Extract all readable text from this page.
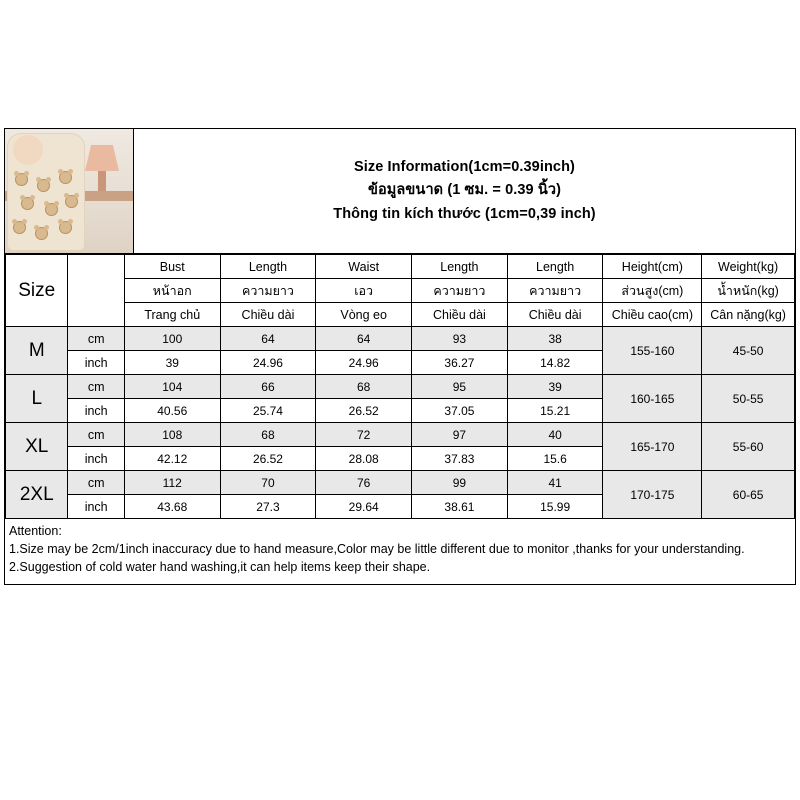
Size Information(1cm=0.39inch)
ข้อมูลขนาด (1 ซม. = 0.39 นิ้ว)
Thông tin kích thước (1cm=0,39 inch)
Size		Bust	Length	Waist	Length	Length	Height(cm)	Weight(kg)
		หน้าอก	ความยาว	เอว	ความยาว	ความยาว	ส่วนสูง(cm)	น้ำหนัก(kg)
		Trang chủ	Chiều dài	Vòng eo	Chiều dài	Chiều dài	Chiều cao(cm)	Cân nặng(kg)
M	cm	100	64	64	93	38	155-160	45-50
	inch	39	24.96	24.96	36.27	14.82		
L	cm	104	66	68	95	39	160-165	50-55
	inch	40.56	25.74	26.52	37.05	15.21		
XL	cm	108	68	72	97	40	165-170	55-60
	inch	42.12	26.52	28.08	37.83	15.6		
2XL	cm	112	70	76	99	41	170-175	60-65
	inch	43.68	27.3	29.64	38.61	15.99		
Attention:
1.Size may be 2cm/1inch inaccuracy due to hand measure,Color may be little different due to monitor ,thanks for your understanding.
2.Suggestion of cold water hand washing,it can help items keep their shape.
